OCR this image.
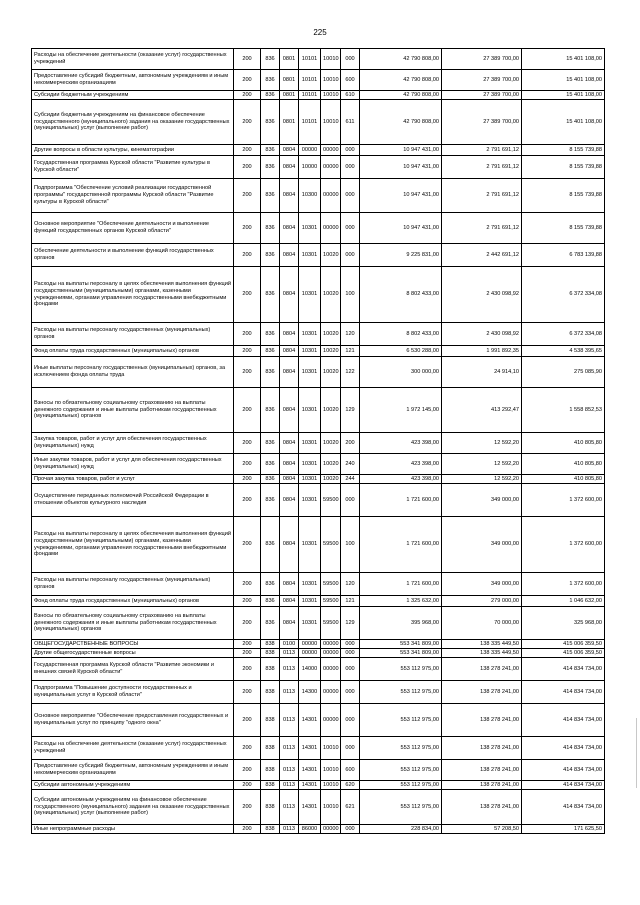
225
Расходы на обеспечение деятельности (оказание услуг) государственных учреждений	200	836	0801	10101	10010	000	42 790 808,00	27 389 700,00	15 401 108,00
Предоставление субсидий бюджетным, автономным учреждениям и иным некоммерческим организациям	200	836	0801	10101	10010	600	42 790 808,00	27 389 700,00	15 401 108,00
Субсидии бюджетным учреждениям	200	836	0801	10101	10010	610	42 790 808,00	27 389 700,00	15 401 108,00
Субсидии бюджетным учреждениям на финансовое обеспечение государственного (муниципального) задания на оказание государственных (муниципальных) услуг (выполнение работ)	200	836	0801	10101	10010	611	42 790 808,00	27 389 700,00	15 401 108,00
Другие вопросы в области культуры, кинематографии	200	836	0804	00000	00000	000	10 947 431,00	2 791 691,12	8 155 739,88
Государственная программа Курской области "Развитие культуры в Курской области"	200	836	0804	10000	00000	000	10 947 431,00	2 791 691,12	8 155 739,88
Подпрограмма "Обеспечение условий реализации государственной программы" государственной программы Курской области "Развитие культуры в Курской области"	200	836	0804	10300	00000	000	10 947 431,00	2 791 691,12	8 155 739,88
Основное мероприятие "Обеспечение деятельности и выполнение функций государственных органов Курской области"	200	836	0804	10301	00000	000	10 947 431,00	2 791 691,12	8 155 739,88
Обеспечение деятельности и выполнение функций государственных органов	200	836	0804	10301	10020	000	9 225 831,00	2 442 691,12	6 783 139,88
Расходы на выплаты персоналу в целях обеспечения выполнения функций государственными (муниципальными) органами, казенными учреждениями, органами управления государственными внебюджетными фондами	200	836	0804	10301	10020	100	8 802 433,00	2 430 098,92	6 372 334,08
Расходы на выплаты персоналу государственных (муниципальных) органов	200	836	0804	10301	10020	120	8 802 433,00	2 430 098,92	6 372 334,08
Фонд оплаты труда государственных (муниципальных) органов	200	836	0804	10301	10020	121	6 530 288,00	1 991 892,35	4 538 395,65
Иные выплаты персоналу государственных (муниципальных) органов, за исключением фонда оплаты труда	200	836	0804	10301	10020	122	300 000,00	24 914,10	275 085,90
Взносы по обязательному социальному страхованию на выплаты денежного содержания и иные выплаты работникам государственных (муниципальных) органов	200	836	0804	10301	10020	129	1 972 145,00	413 292,47	1 558 852,53
Закупка товаров, работ и услуг для обеспечения государственных (муниципальных) нужд	200	836	0804	10301	10020	200	423 398,00	12 592,20	410 805,80
Иные закупки товаров, работ и услуг для обеспечения государственных (муниципальных) нужд	200	836	0804	10301	10020	240	423 398,00	12 592,20	410 805,80
Прочая закупка товаров, работ и услуг	200	836	0804	10301	10020	244	423 398,00	12 592,20	410 805,80
Осуществление переданных полномочий Российской Федерации в отношении объектов культурного наследия	200	836	0804	10301	59500	000	1 721 600,00	349 000,00	1 372 600,00
Расходы на выплаты персоналу в целях обеспечения выполнения функций государственными (муниципальными) органами, казенными учреждениями, органами управления государственными внебюджетными фондами	200	836	0804	10301	59500	100	1 721 600,00	349 000,00	1 372 600,00
Расходы на выплаты персоналу государственных (муниципальных) органов	200	836	0804	10301	59500	120	1 721 600,00	349 000,00	1 372 600,00
Фонд оплаты труда государственных (муниципальных) органов	200	836	0804	10301	59500	121	1 325 632,00	279 000,00	1 046 632,00
Взносы по обязательному социальному страхованию на выплаты денежного содержания и иные выплаты работникам государственных (муниципальных) органов	200	836	0804	10301	59500	129	395 968,00	70 000,00	325 968,00
ОБЩЕГОСУДАРСТВЕННЫЕ ВОПРОСЫ	200	838	0100	00000	00000	000	553 341 809,00	138 335 449,50	415 006 359,50
Другие общегосударственные вопросы	200	838	0113	00000	00000	000	553 341 809,00	138 335 449,50	415 006 359,50
Государственная программа Курской области "Развитие экономики и внешних связей Курской области"	200	838	0113	14000	00000	000	553 112 975,00	138 278 241,00	414 834 734,00
Подпрограмма "Повышение доступности государственных и муниципальных услуг в Курской области"	200	838	0113	14300	00000	000	553 112 975,00	138 278 241,00	414 834 734,00
Основное мероприятие "Обеспечение предоставления государственных и муниципальных услуг по принципу "одного окна"	200	838	0113	14301	00000	000	553 112 975,00	138 278 241,00	414 834 734,00
Расходы на обеспечение деятельности (оказание услуг) государственных учреждений	200	838	0113	14301	10010	000	553 112 975,00	138 278 241,00	414 834 734,00
Предоставление субсидий бюджетным, автономным учреждениям и иным некоммерческим организациям	200	838	0113	14301	10010	600	553 112 975,00	138 278 241,00	414 834 734,00
Субсидии автономным учреждениям	200	838	0113	14301	10010	620	553 112 975,00	138 278 241,00	414 834 734,00
Субсидии автономным учреждениям на финансовое обеспечение государственного (муниципального) задания на оказание государственных (муниципальных) услуг (выполнение работ)	200	838	0113	14301	10010	621	553 112 975,00	138 278 241,00	414 834 734,00
Иные непрограммные расходы	200	838	0113	86000	00000	000	228 834,00	57 208,50	171 625,50
